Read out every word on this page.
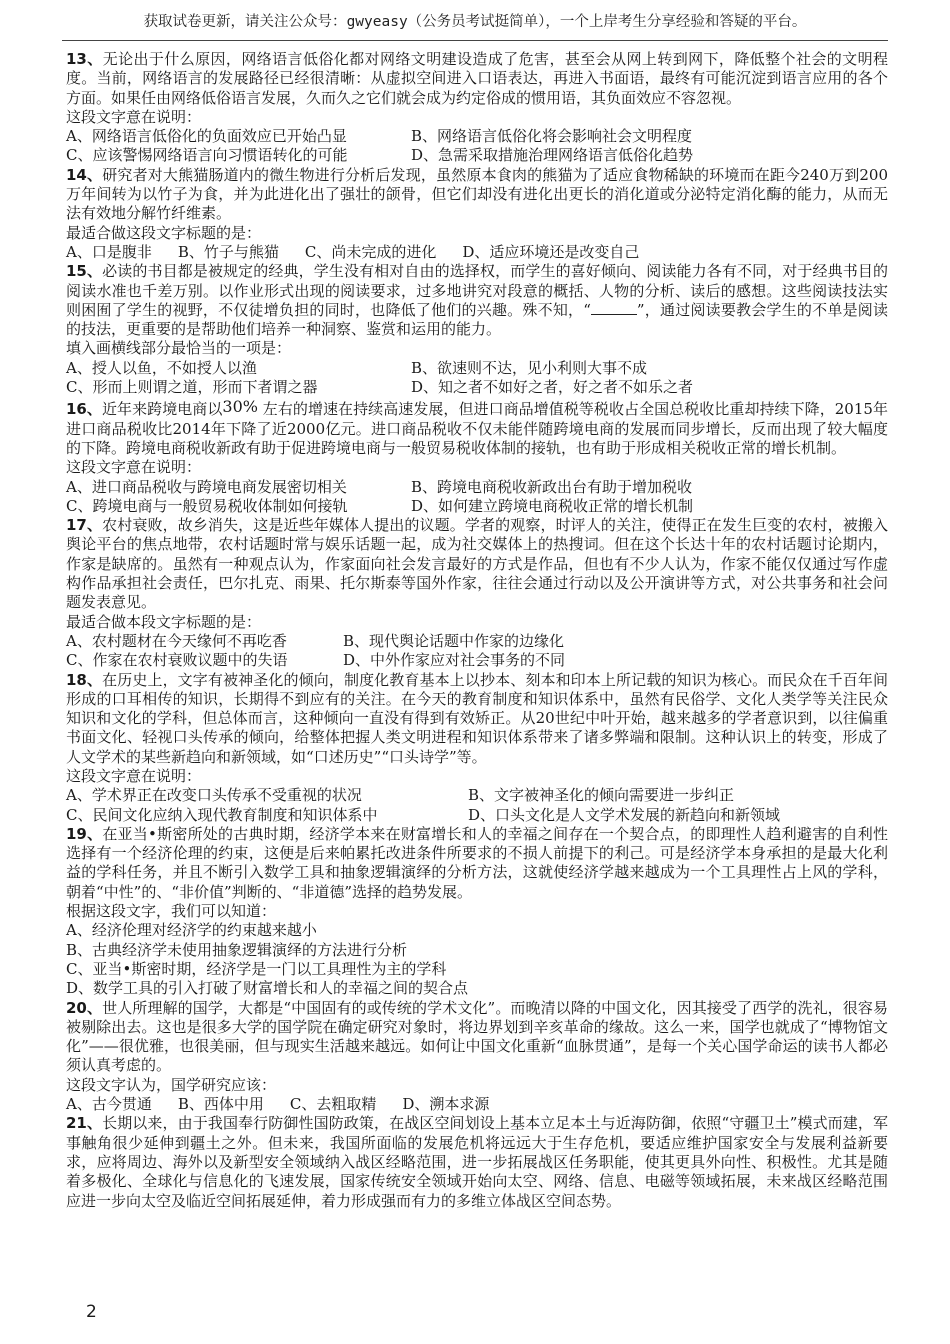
获取试卷更新，请关注公众号：gwyeasy（公务员考试挺简单），一个上岸考生分享经验和答疑的平台。

13、无论出于什么原因，网络语言低俗化都对网络文明建设造成了危害，甚至会从网上转到网下，降低整个社会的文明程度。当前，网络语言的发展路径已经很清晰：从虚拟空间进入口语表达，再进入书面语，最终有可能沉淀到语言应用的各个方面。如果任由网络低俗语言发展，久而久之它们就会成为约定俗成的惯用语，其负面效应不容忽视。

这段文字意在说明：

A、网络语言低俗化的负面效应已开始凸显	B、网络语言低俗化将会影响社会文明程度
C、应该警惕网络语言向习惯语转化的可能	D、急需采取措施治理网络语言低俗化趋势

14、研究者对大熊猫肠道内的微生物进行分析后发现，虽然原本食肉的熊猫为了适应食物稀缺的环境而在距今240万到200万年间转为以竹子为食，并为此进化出了强壮的颌骨，但它们却没有进化出更长的消化道或分泌特定消化酶的能力，从而无法有效地分解竹纤维素。

最适合做这段文字标题的是：

A、口是腹非 B、竹子与熊猫 C、尚未完成的进化 D、适应环境还是改变自己

15、必读的书目都是被规定的经典，学生没有相对自由的选择权，而学生的喜好倾向、阅读能力各有不同，对于经典书目的阅读水准也千差万别。以作业形式出现的阅读要求，过多地讲究对段意的概括、人物的分析、读后的感想。这些阅读技法实则困囿了学生的视野，不仅徒增负担的同时，也降低了他们的兴趣。殊不知，“	”，通过阅读要教会学生的不单是阅读的技法，更重要的是帮助他们培养一种洞察、鉴赏和运用的能力。

填入画横线部分最恰当的一项是：

A、授人以鱼，不如授人以渔	B、欲速则不达，见小利则大事不成
C、形而上则谓之道，形而下者谓之器	D、知之者不如好之者，好之者不如乐之者

16、近年来跨境电商以30% 左右的增速在持续高速发展，但进口商品增值税等税收占全国总税收比重却持续下降，2015年进口商品税收比2014年下降了近2000亿元。进口商品税收不仅未能伴随跨境电商的发展而同步增长，反而出现了较大幅度的下降。跨境电商税收新政有助于促进跨境电商与一般贸易税收体制的接轨，也有助于形成相关税收正常的增长机制。

这段文字意在说明：

A、进口商品税收与跨境电商发展密切相关	B、跨境电商税收新政出台有助于增加税收
C、跨境电商与一般贸易税收体制如何接轨	D、如何建立跨境电商税收正常的增长机制

17、农村衰败，故乡消失，这是近些年媒体人提出的议题。学者的观察，时评人的关注，使得正在发生巨变的农村，被搬入舆论平台的焦点地带，农村话题时常与娱乐话题一起，成为社交媒体上的热搜词。但在这个长达十年的农村话题讨论期内，作家是缺席的。虽然有一种观点认为，作家面向社会发言最好的方式是作品，但也有不少人认为，作家不能仅仅通过写作虚构作品承担社会责任，巴尔扎克、雨果、托尔斯泰等国外作家，往往会通过行动以及公开演讲等方式，对公共事务和社会问题发表意见。

最适合做本段文字标题的是：

A、农村题材在今天缘何不再吃香	B、现代舆论话题中作家的边缘化
C、作家在农村衰败议题中的失语	D、中外作家应对社会事务的不同

18、在历史上，文字有被神圣化的倾向，制度化教育基本上以抄本、刻本和印本上所记载的知识为核心。而民众在千百年间形成的口耳相传的知识，长期得不到应有的关注。在今天的教育制度和知识体系中，虽然有民俗学、文化人类学等关注民众知识和文化的学科，但总体而言，这种倾向一直没有得到有效矫正。从20世纪中叶开始，越来越多的学者意识到，以往偏重书面文化、轻视口头传承的倾向，给整体把握人类文明进程和知识体系带来了诸多弊端和限制。这种认识上的转变，形成了人文学术的某些新趋向和新领域，如“口述历史”“口头诗学”等。

这段文字意在说明：

A、学术界正在改变口头传承不受重视的状况	B、文字被神圣化的倾向需要进一步纠正
C、民间文化应纳入现代教育制度和知识体系中	D、口头文化是人文学术发展的新趋向和新领域

19、在亚当•斯密所处的古典时期，经济学本来在财富增长和人的幸福之间存在一个契合点，的即理性人趋利避害的自利性选择有一个经济伦理的约束，这便是后来帕累托改进条件所要求的不损人前提下的利己。可是经济学本身承担的是最大化利益的学科任务，并且不断引入数学工具和抽象逻辑演绎的分析方法，这就使经济学越来越成为一个工具理性占上风的学科，朝着“中性”的、“非价值”判断的、“非道德”选择的趋势发展。

根据这段文字，我们可以知道：

A、经济伦理对经济学的约束越来越小

B、古典经济学未使用抽象逻辑演绎的方法进行分析

C、亚当•斯密时期，经济学是一门以工具理性为主的学科

D、数学工具的引入打破了财富增长和人的幸福之间的契合点

20、世人所理解的国学，大都是“中国固有的或传统的学术文化”。而晚清以降的中国文化，因其接受了西学的洗礼，很容易被剔除出去。这也是很多大学的国学院在确定研究对象时，将边界划到辛亥革命的缘故。这么一来，国学也就成了“博物馆文化”——很优雅，也很美丽，但与现实生活越来越远。如何让中国文化重新“血脉贯通”，是每一个关心国学命运的读书人都必须认真考虑的。

这段文字认为，国学研究应该：

A、古今贯通 B、西体中用 C、去粗取精 D、溯本求源

21、长期以来，由于我国奉行防御性国防政策，在战区空间划设上基本立足本土与近海防御，依照“守疆卫土”模式而建，军事触角很少延伸到疆土之外。但未来，我国所面临的发展危机将远远大于生存危机，要适应维护国家安全与发展利益新要求，应将周边、海外以及新型安全领域纳入战区经略范围，进一步拓展战区任务职能，使其更具外向性、积极性。尤其是随着多极化、全球化与信息化的飞速发展，国家传统安全领域开始向太空、网络、信息、电磁等领域拓展，未来战区经略范围应进一步向太空及临近空间拓展延伸，着力形成强而有力的多维立体战区空间态势。

2
